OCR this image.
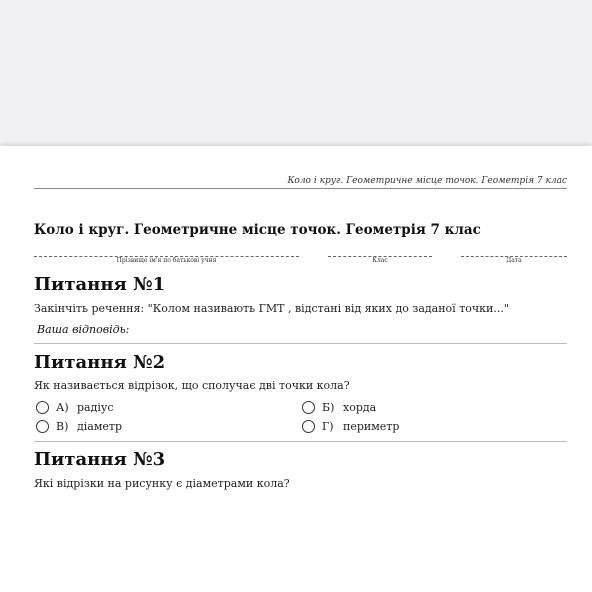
Коло і круг. Геометричне місце точок. Геометрія 7 клас
Коло і круг. Геометричне місце точок. Геометрія 7 клас
Прізвище ім'я по батькові учня	Клас	Дата
Питання №1
Закінчіть речення: "Колом називають ГМТ , відстані від яких до заданої точки..."
Ваша відповідь:
Питання №2
Як називається відрізок, що сполучає дві точки кола?
А) радіус	Б) хорда
В) діаметр	Г) периметр
Питання №3
Які відрізки на рисунку є діаметрами кола?
